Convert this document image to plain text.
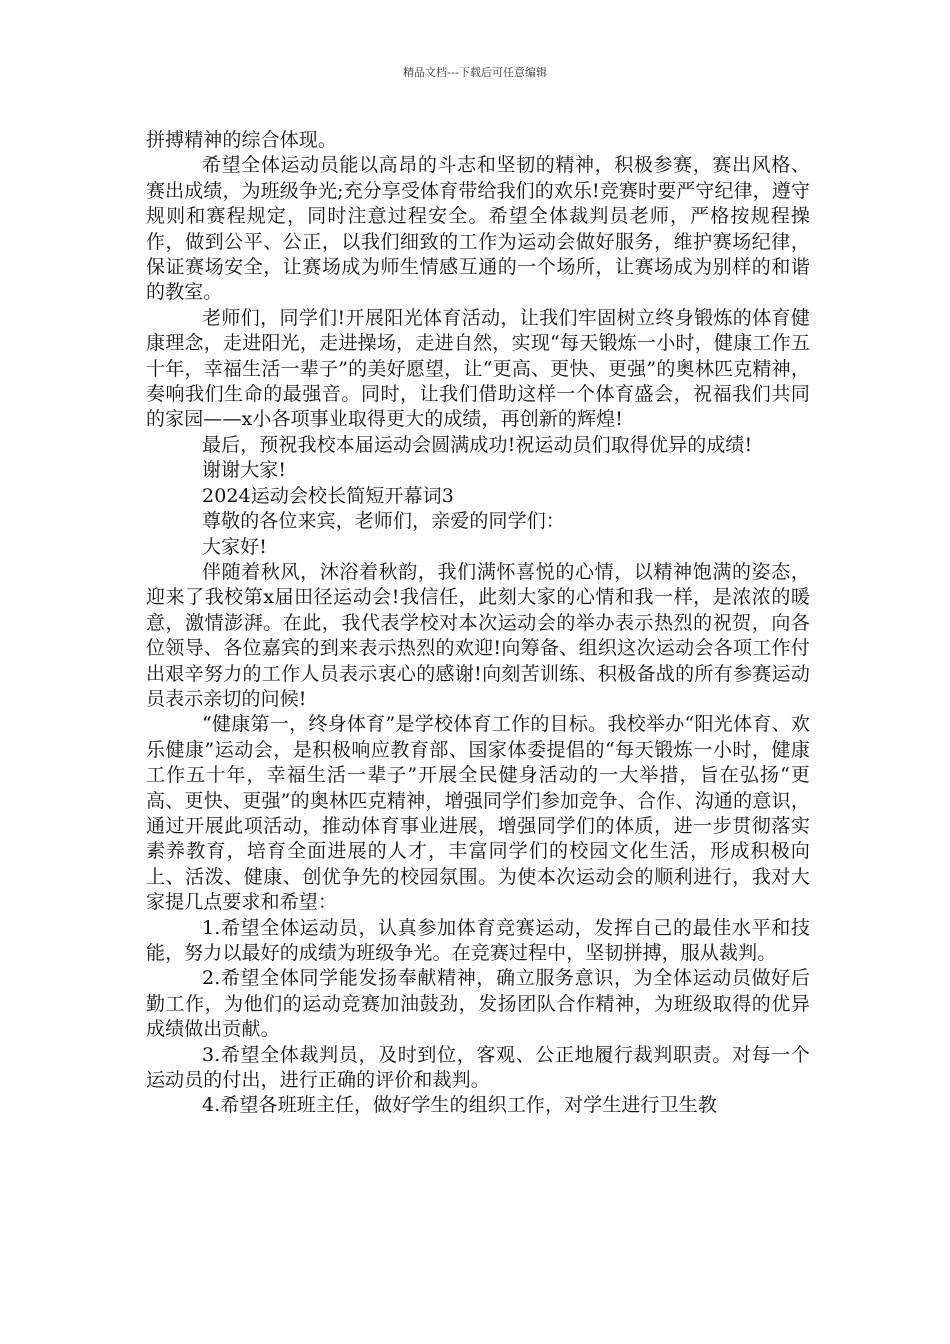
精品文档---下载后可任意编辑

拼搏精神的综合体现。

希望全体运动员能以高昂的斗志和坚韧的精神，积极参赛，赛出风格、赛出成绩，为班级争光;充分享受体育带给我们的欢乐!竞赛时要严守纪律，遵守规则和赛程规定，同时注意过程安全。希望全体裁判员老师，严格按规程操作，做到公平、公正，以我们细致的工作为运动会做好服务，维护赛场纪律，保证赛场安全，让赛场成为师生情感互通的一个场所，让赛场成为别样的和谐的教室。

老师们，同学们!开展阳光体育活动，让我们牢固树立终身锻炼的体育健康理念，走进阳光，走进操场，走进自然，实现“每天锻炼一小时，健康工作五十年，幸福生活一辈子”的美好愿望，让“更高、更快、更强”的奥林匹克精神，奏响我们生命的最强音。同时，让我们借助这样一个体育盛会，祝福我们共同的家园——x小各项事业取得更大的成绩，再创新的辉煌!

最后，预祝我校本届运动会圆满成功!祝运动员们取得优异的成绩!

谢谢大家!

2024运动会校长简短开幕词3

尊敬的各位来宾，老师们，亲爱的同学们：

大家好!

伴随着秋风，沐浴着秋韵，我们满怀喜悦的心情，以精神饱满的姿态，迎来了我校第x届田径运动会!我信任，此刻大家的心情和我一样，是浓浓的暖意，激情澎湃。在此，我代表学校对本次运动会的举办表示热烈的祝贺，向各位领导、各位嘉宾的到来表示热烈的欢迎!向筹备、组织这次运动会各项工作付出艰辛努力的工作人员表示衷心的感谢!向刻苦训练、积极备战的所有参赛运动员表示亲切的问候!

“健康第一，终身体育”是学校体育工作的目标。我校举办“阳光体育、欢乐健康”运动会，是积极响应教育部、国家体委提倡的“每天锻炼一小时，健康工作五十年，幸福生活一辈子”开展全民健身活动的一大举措，旨在弘扬“更高、更快、更强”的奥林匹克精神，增强同学们参加竞争、合作、沟通的意识，通过开展此项活动，推动体育事业进展，增强同学们的体质，进一步贯彻落实素养教育，培育全面进展的人才，丰富同学们的校园文化生活，形成积极向上、活泼、健康、创优争先的校园氛围。为使本次运动会的顺利进行，我对大家提几点要求和希望：

1.希望全体运动员，认真参加体育竞赛运动，发挥自己的最佳水平和技能，努力以最好的成绩为班级争光。在竞赛过程中，坚韧拼搏，服从裁判。

2.希望全体同学能发扬奉献精神，确立服务意识，为全体运动员做好后勤工作，为他们的运动竞赛加油鼓劲，发扬团队合作精神，为班级取得的优异成绩做出贡献。

3.希望全体裁判员，及时到位，客观、公正地履行裁判职责。对每一个运动员的付出，进行正确的评价和裁判。

4.希望各班班主任，做好学生的组织工作，对学生进行卫生教
